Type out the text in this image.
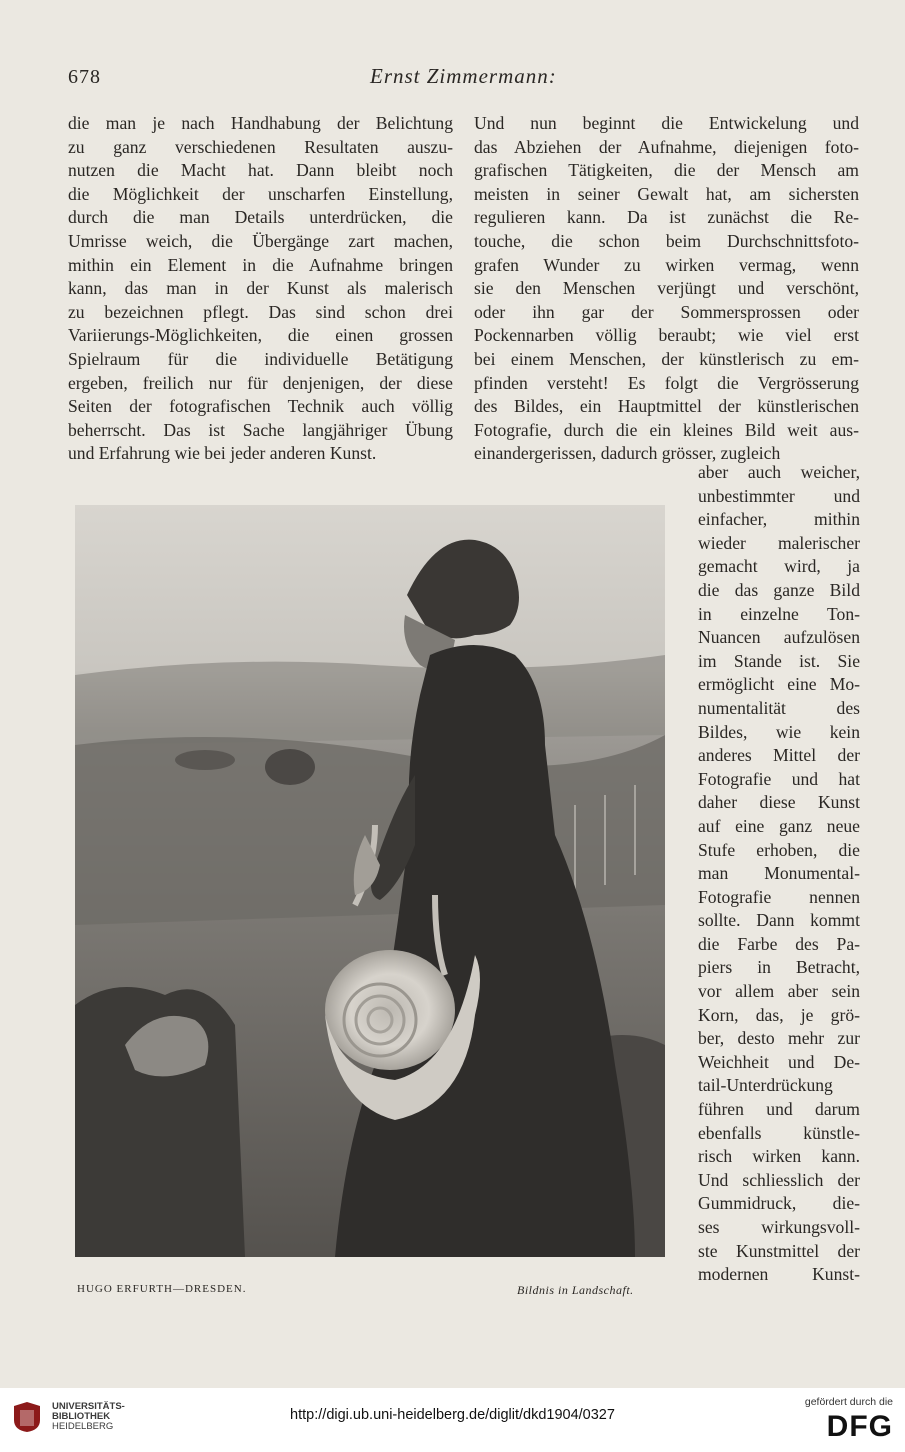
678	Ernst Zimmermann:
die man je nach Handhabung der Belichtung
zu ganz verschiedenen Resultaten auszu-
nutzen die Macht hat. Dann bleibt noch
die Möglichkeit der unscharfen Einstellung,
durch die man Details unterdrücken, die
Umrisse weich, die Übergänge zart machen,
mithin ein Element in die Aufnahme bringen
kann, das man in der Kunst als malerisch
zu bezeichnen pflegt. Das sind schon drei
Variierungs-Möglichkeiten, die einen grossen
Spielraum für die individuelle Betätigung
ergeben, freilich nur für denjenigen, der diese
Seiten der fotografischen Technik auch völlig
beherrscht. Das ist Sache langjähriger Übung
und Erfahrung wie bei jeder anderen Kunst.
Und nun beginnt die Entwickelung und
das Abziehen der Aufnahme, diejenigen foto-
grafischen Tätigkeiten, die der Mensch am
meisten in seiner Gewalt hat, am sichersten
regulieren kann. Da ist zunächst die Re-
touche, die schon beim Durchschnittsfoto-
grafen Wunder zu wirken vermag, wenn
sie den Menschen verjüngt und verschönt,
oder ihn gar der Sommersprossen oder
Pockennarben völlig beraubt; wie viel erst
bei einem Menschen, der künstlerisch zu em-
pfinden versteht! Es folgt die Vergrösserung
des Bildes, ein Hauptmittel der künstlerischen
Fotografie, durch die ein kleines Bild weit aus-
einandergerissen, dadurch grösser, zugleich
aber auch weicher,
unbestimmter und
einfacher, mithin
wieder malerischer
gemacht wird, ja
die das ganze Bild
in einzelne Ton-
Nuancen aufzulösen
im Stande ist. Sie
ermöglicht eine Mo-
numentalität des
Bildes, wie kein
anderes Mittel der
Fotografie und hat
daher diese Kunst
auf eine ganz neue
Stufe erhoben, die
man Monumental-
Fotografie nennen
sollte. Dann kommt
die Farbe des Pa-
piers in Betracht,
vor allem aber sein
Korn, das, je grö-
ber, desto mehr zur
Weichheit und De-
tail-Unterdrückung
führen und darum
ebenfalls künstle-
risch wirken kann.
Und schliesslich der
Gummidruck, die-
ses wirkungsvoll-
ste Kunstmittel der
modernen Kunst-
HUGO ERFURTH—DRESDEN.	Bildnis in Landschaft.
UNIVERSITÄTS-
BIBLIOTHEK
HEIDELBERG
http://digi.ub.uni-heidelberg.de/diglit/dkd1904/0327
gefördert durch die
DFG
